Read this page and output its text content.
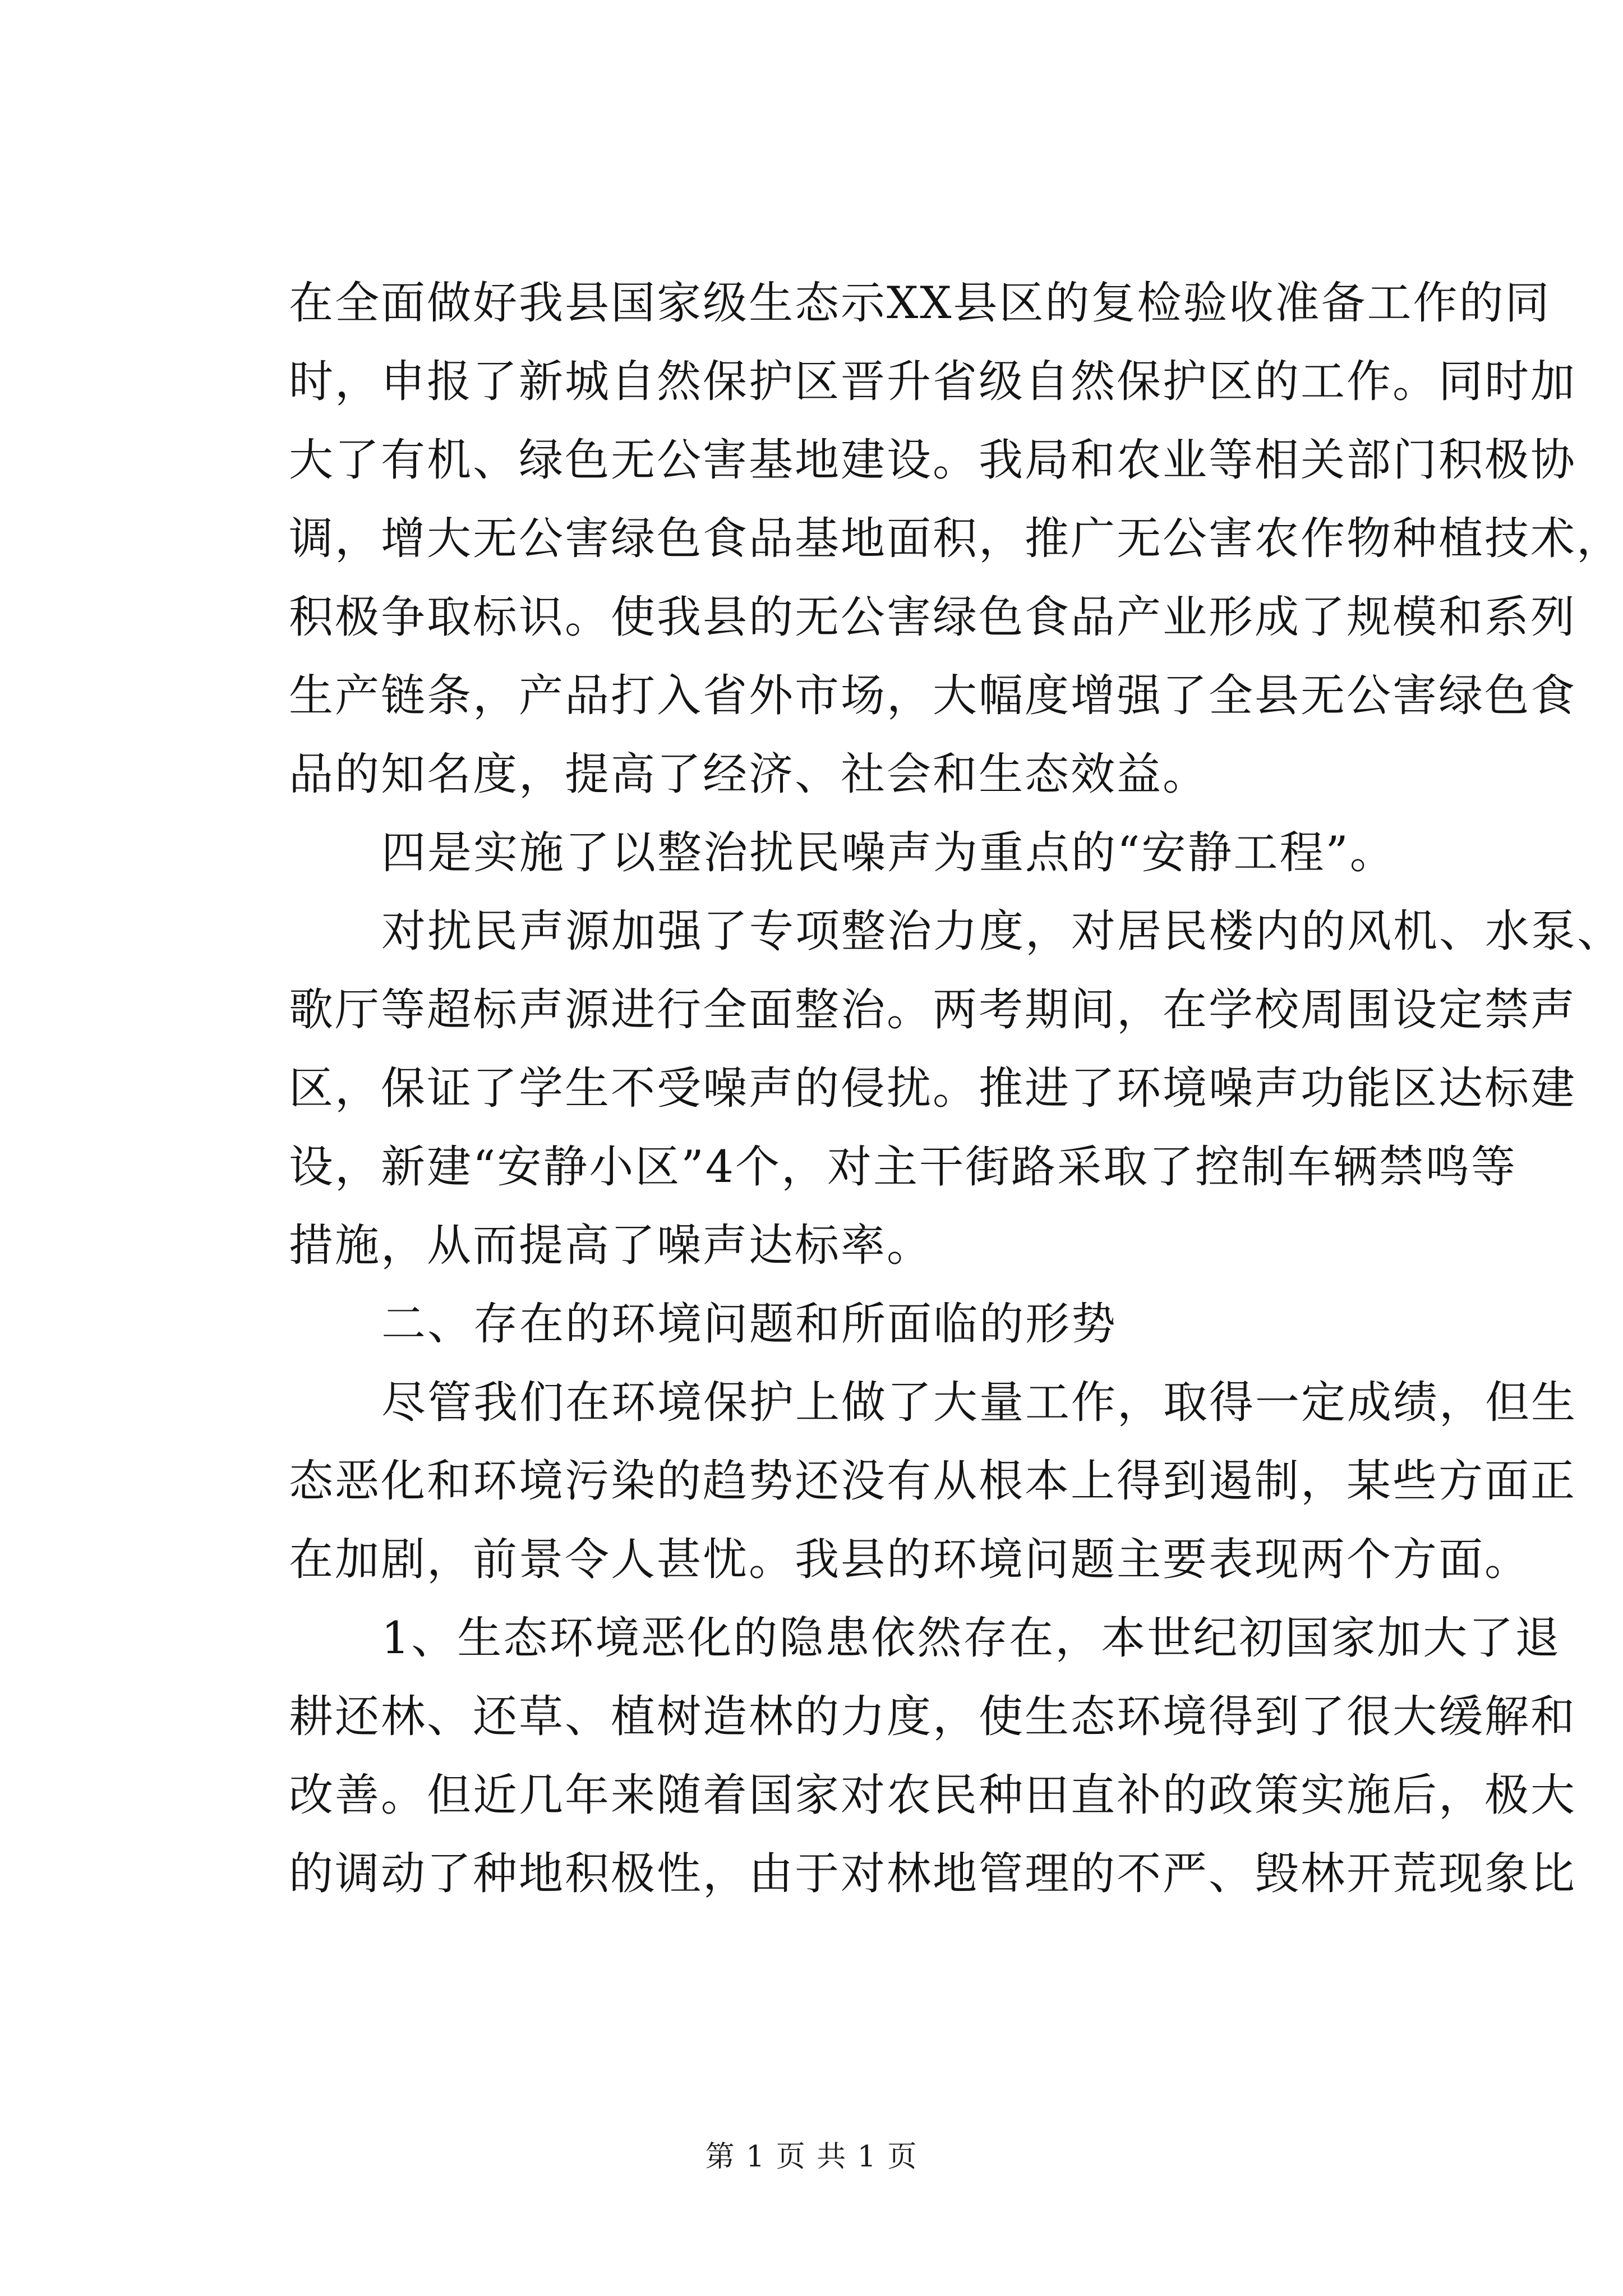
在全面做好我县国家级生态示XX县区的复检验收准备工作的同
时，申报了新城自然保护区晋升省级自然保护区的工作。同时加
大了有机、绿色无公害基地建设。我局和农业等相关部门积极协
调，增大无公害绿色食品基地面积，推广无公害农作物种植技术，
积极争取标识。使我县的无公害绿色食品产业形成了规模和系列
生产链条，产品打入省外市场，大幅度增强了全县无公害绿色食
品的知名度，提高了经济、社会和生态效益。
四是实施了以整治扰民噪声为重点的“安静工程”。
对扰民声源加强了专项整治力度，对居民楼内的风机、水泵、
歌厅等超标声源进行全面整治。两考期间，在学校周围设定禁声
区，保证了学生不受噪声的侵扰。推进了环境噪声功能区达标建
设，新建“安静小区”4个，对主干街路采取了控制车辆禁鸣等
措施，从而提高了噪声达标率。
二、存在的环境问题和所面临的形势
尽管我们在环境保护上做了大量工作，取得一定成绩，但生
态恶化和环境污染的趋势还没有从根本上得到遏制，某些方面正
在加剧，前景令人甚忧。我县的环境问题主要表现两个方面。
1、生态环境恶化的隐患依然存在，本世纪初国家加大了退
耕还林、还草、植树造林的力度，使生态环境得到了很大缓解和
改善。但近几年来随着国家对农民种田直补的政策实施后，极大
的调动了种地积极性，由于对林地管理的不严、毁林开荒现象比
第 1 页 共 1 页
